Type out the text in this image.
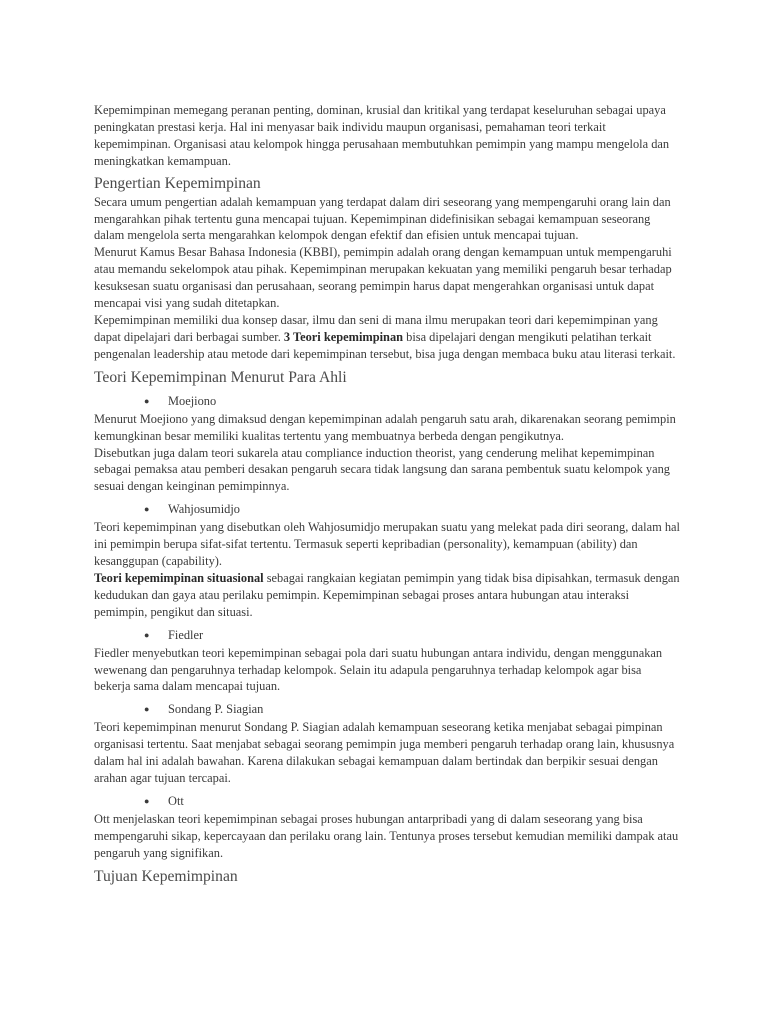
Kepemimpinan memegang peranan penting, dominan, krusial dan kritikal yang terdapat keseluruhan sebagai upaya peningkatan prestasi kerja. Hal ini menyasar baik individu maupun organisasi, pemahaman teori terkait kepemimpinan. Organisasi atau kelompok hingga perusahaan membutuhkan pemimpin yang mampu mengelola dan meningkatkan kemampuan.

Pengertian Kepemimpinan

Secara umum pengertian adalah kemampuan yang terdapat dalam diri seseorang yang mempengaruhi orang lain dan mengarahkan pihak tertentu guna mencapai tujuan. Kepemimpinan didefinisikan sebagai kemampuan seseorang dalam mengelola serta mengarahkan kelompok dengan efektif dan efisien untuk mencapai tujuan.

Menurut Kamus Besar Bahasa Indonesia (KBBI), pemimpin adalah orang dengan kemampuan untuk mempengaruhi atau memandu sekelompok atau pihak. Kepemimpinan merupakan kekuatan yang memiliki pengaruh besar terhadap kesuksesan suatu organisasi dan perusahaan, seorang pemimpin harus dapat mengerahkan organisasi untuk dapat mencapai visi yang sudah ditetapkan.

Kepemimpinan memiliki dua konsep dasar, ilmu dan seni di mana ilmu merupakan teori dari kepemimpinan yang dapat dipelajari dari berbagai sumber. 3 Teori kepemimpinan bisa dipelajari dengan mengikuti pelatihan terkait pengenalan leadership atau metode dari kepemimpinan tersebut, bisa juga dengan membaca buku atau literasi terkait.

Teori Kepemimpinan Menurut Para Ahli
● Moejiono

Menurut Moejiono yang dimaksud dengan kepemimpinan adalah pengaruh satu arah, dikarenakan seorang pemimpin kemungkinan besar memiliki kualitas tertentu yang membuatnya berbeda dengan pengikutnya.

Disebutkan juga dalam teori sukarela atau compliance induction theorist, yang cenderung melihat kepemimpinan sebagai pemaksa atau pemberi desakan pengaruh secara tidak langsung dan sarana pembentuk suatu kelompok yang sesuai dengan keinginan pemimpinnya.

● Wahjosumidjo

Teori kepemimpinan yang disebutkan oleh Wahjosumidjo merupakan suatu yang melekat pada diri seorang, dalam hal ini pemimpin berupa sifat-sifat tertentu. Termasuk seperti kepribadian (personality), kemampuan (ability) dan kesanggupan (capability).

Teori kepemimpinan situasional sebagai rangkaian kegiatan pemimpin yang tidak bisa dipisahkan, termasuk dengan kedudukan dan gaya atau perilaku pemimpin. Kepemimpinan sebagai proses antara hubungan atau interaksi pemimpin, pengikut dan situasi.

● Fiedler

Fiedler menyebutkan teori kepemimpinan sebagai pola dari suatu hubungan antara individu, dengan menggunakan wewenang dan pengaruhnya terhadap kelompok. Selain itu adapula pengaruhnya terhadap kelompok agar bisa bekerja sama dalam mencapai tujuan.

● Sondang P. Siagian

Teori kepemimpinan menurut Sondang P. Siagian adalah kemampuan seseorang ketika menjabat sebagai pimpinan organisasi tertentu. Saat menjabat sebagai seorang pemimpin juga memberi pengaruh terhadap orang lain, khususnya dalam hal ini adalah bawahan. Karena dilakukan sebagai kemampuan dalam bertindak dan berpikir sesuai dengan arahan agar tujuan tercapai.

● Ott

Ott menjelaskan teori kepemimpinan sebagai proses hubungan antarpribadi yang di dalam seseorang yang bisa mempengaruhi sikap, kepercayaan dan perilaku orang lain. Tentunya proses tersebut kemudian memiliki dampak atau pengaruh yang signifikan.

Tujuan Kepemimpinan
